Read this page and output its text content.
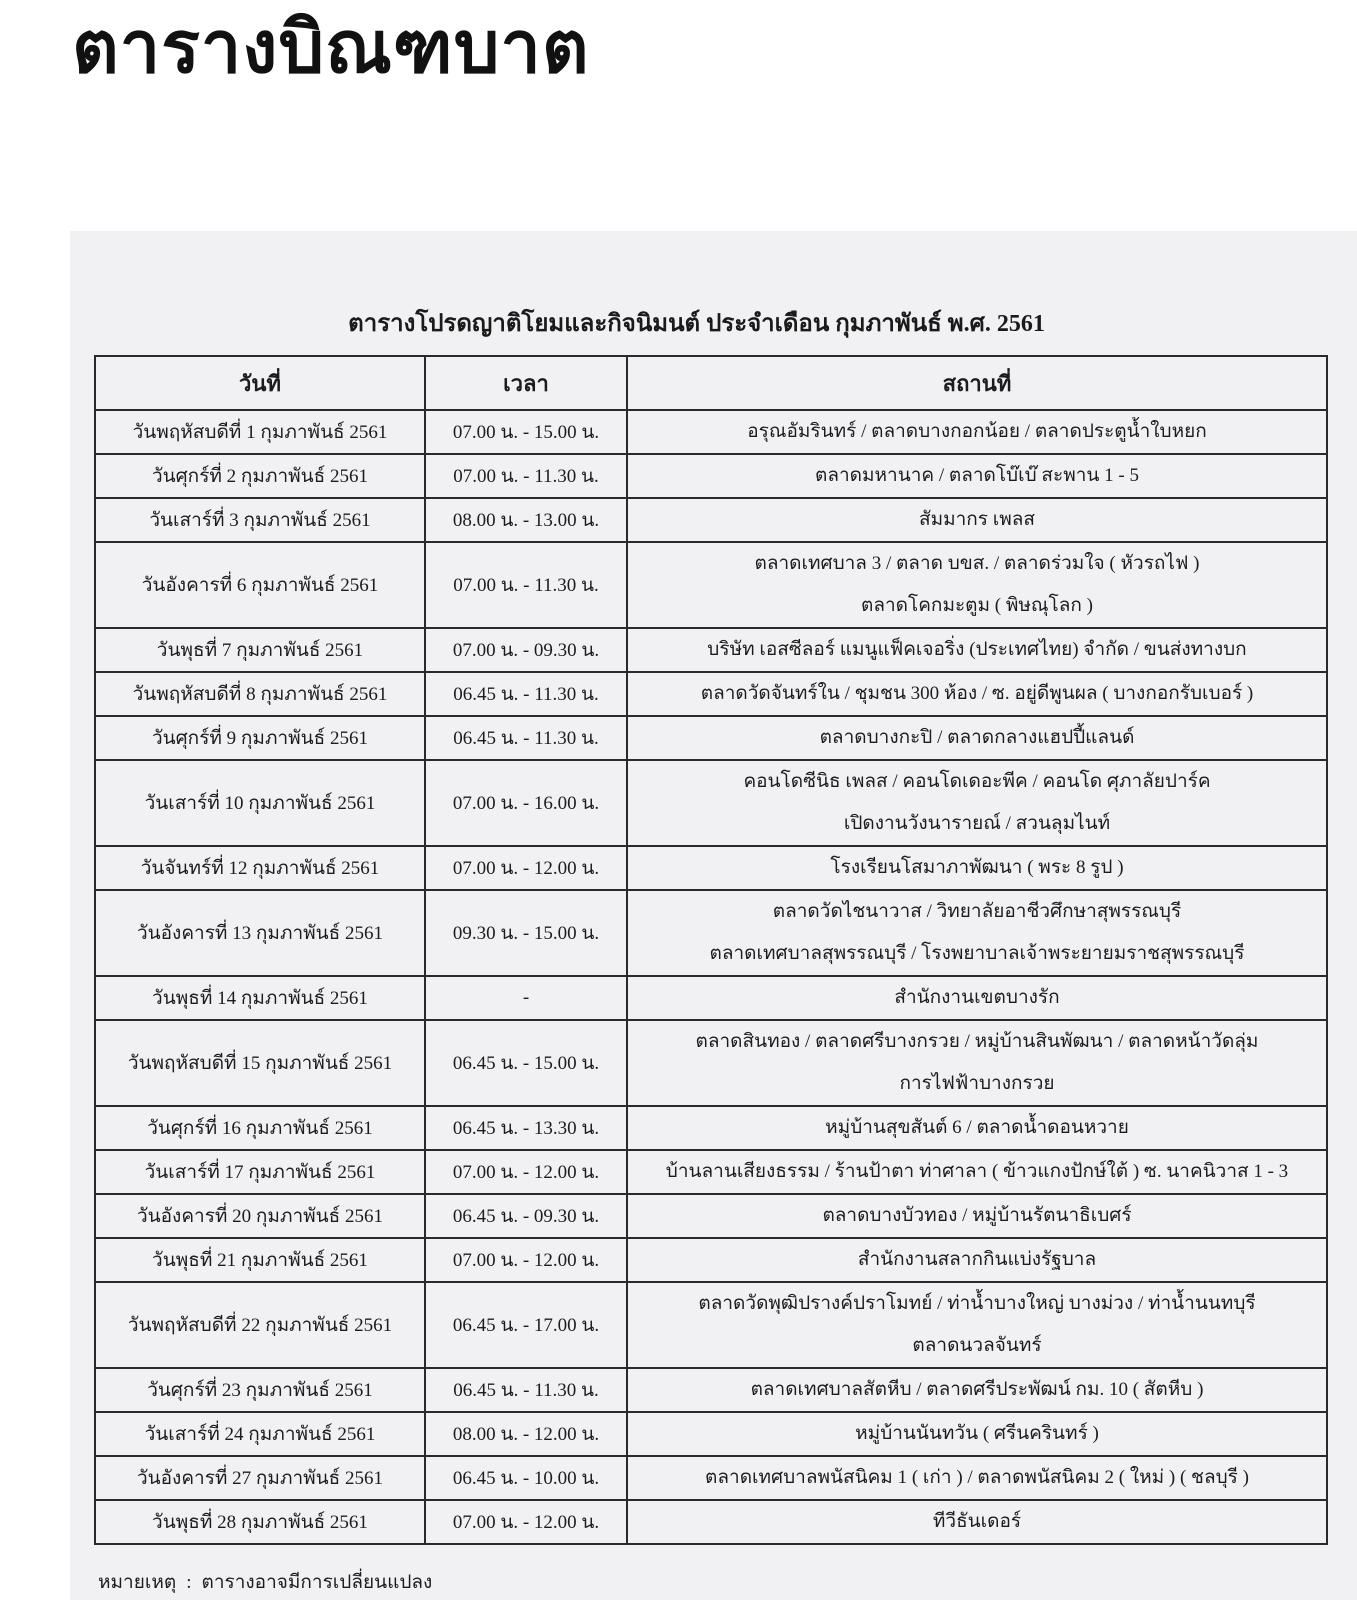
ตารางบิณฑบาต
ตารางโปรดญาติโยมและกิจนิมนต์ ประจำเดือน กุมภาพันธ์ พ.ศ. 2561
วันที่	เวลา	สถานที่
วันพฤหัสบดีที่ 1 กุมภาพันธ์ 2561	07.00 น. - 15.00 น.	อรุณอัมรินทร์ / ตลาดบางกอกน้อย / ตลาดประตูน้ำใบหยก

วันศุกร์ที่ 2 กุมภาพันธ์ 2561	07.00 น. - 11.30 น.	ตลาดมหานาค / ตลาดโบ๊เบ๊ สะพาน 1 - 5

วันเสาร์ที่ 3 กุมภาพันธ์ 2561	08.00 น. - 13.00 น.	สัมมากร เพลส

วันอังคารที่ 6 กุมภาพันธ์ 2561	07.00 น. - 11.30 น.	ตลาดเทศบาล 3 / ตลาด บขส. / ตลาดร่วมใจ ( หัวรถไฟ )
ตลาดโคกมะตูม ( พิษณุโลก )

วันพุธที่ 7 กุมภาพันธ์ 2561	07.00 น. - 09.30 น.	บริษัท เอสซีลอร์ แมนูแฟ็คเจอริ่ง (ประเทศไทย) จำกัด / ขนส่งทางบก

วันพฤหัสบดีที่ 8 กุมภาพันธ์ 2561	06.45 น. - 11.30 น.	ตลาดวัดจันทร์ใน / ชุมชน 300 ห้อง / ซ. อยู่ดีพูนผล ( บางกอกรับเบอร์ )

วันศุกร์ที่ 9 กุมภาพันธ์ 2561	06.45 น. - 11.30 น.	ตลาดบางกะปิ / ตลาดกลางแฮปปี้แลนด์

วันเสาร์ที่ 10 กุมภาพันธ์ 2561	07.00 น. - 16.00 น.	คอนโดซีนิธ เพลส / คอนโดเดอะพีค / คอนโด ศุภาลัยปาร์ค
เปิดงานวังนารายณ์ / สวนลุมไนท์

วันจันทร์ที่ 12 กุมภาพันธ์ 2561	07.00 น. - 12.00 น.	โรงเรียนโสมาภาพัฒนา ( พระ 8 รูป )

วันอังคารที่ 13 กุมภาพันธ์ 2561	09.30 น. - 15.00 น.	ตลาดวัดไชนาวาส / วิทยาลัยอาชีวศึกษาสุพรรณบุรี
ตลาดเทศบาลสุพรรณบุรี / โรงพยาบาลเจ้าพระยายมราชสุพรรณบุรี

วันพุธที่ 14 กุมภาพันธ์ 2561	-	สำนักงานเขตบางรัก

วันพฤหัสบดีที่ 15 กุมภาพันธ์ 2561	06.45 น. - 15.00 น.	ตลาดสินทอง / ตลาดศรีบางกรวย / หมู่บ้านสินพัฒนา / ตลาดหน้าวัดลุ่ม
การไฟฟ้าบางกรวย

วันศุกร์ที่ 16 กุมภาพันธ์ 2561	06.45 น. - 13.30 น.	หมู่บ้านสุขสันต์ 6 / ตลาดน้ำดอนหวาย

วันเสาร์ที่ 17 กุมภาพันธ์ 2561	07.00 น. - 12.00 น.	บ้านลานเสียงธรรม / ร้านป้าตา ท่าศาลา ( ข้าวแกงปักษ์ใต้ ) ซ. นาคนิวาส 1 - 3

วันอังคารที่ 20 กุมภาพันธ์ 2561	06.45 น. - 09.30 น.	ตลาดบางบัวทอง / หมู่บ้านรัตนาธิเบศร์

วันพุธที่ 21 กุมภาพันธ์ 2561	07.00 น. - 12.00 น.	สำนักงานสลากกินแบ่งรัฐบาล

วันพฤหัสบดีที่ 22 กุมภาพันธ์ 2561	06.45 น. - 17.00 น.	ตลาดวัดพุฒิปรางค์ปราโมทย์ / ท่าน้ำบางใหญ่ บางม่วง / ท่าน้ำนนทบุรี
ตลาดนวลจันทร์

วันศุกร์ที่ 23 กุมภาพันธ์ 2561	06.45 น. - 11.30 น.	ตลาดเทศบาลสัตหีบ / ตลาดศรีประพัฒน์ กม. 10 ( สัตหีบ )

วันเสาร์ที่ 24 กุมภาพันธ์ 2561	08.00 น. - 12.00 น.	หมู่บ้านนันทวัน ( ศรีนครินทร์ )

วันอังคารที่ 27 กุมภาพันธ์ 2561	06.45 น. - 10.00 น.	ตลาดเทศบาลพนัสนิคม 1 ( เก่า ) / ตลาดพนัสนิคม 2 ( ใหม่ ) ( ชลบุรี )

วันพุธที่ 28 กุมภาพันธ์ 2561	07.00 น. - 12.00 น.	ทีวีธันเดอร์
หมายเหตุ : ตารางอาจมีการเปลี่ยนแปลง
